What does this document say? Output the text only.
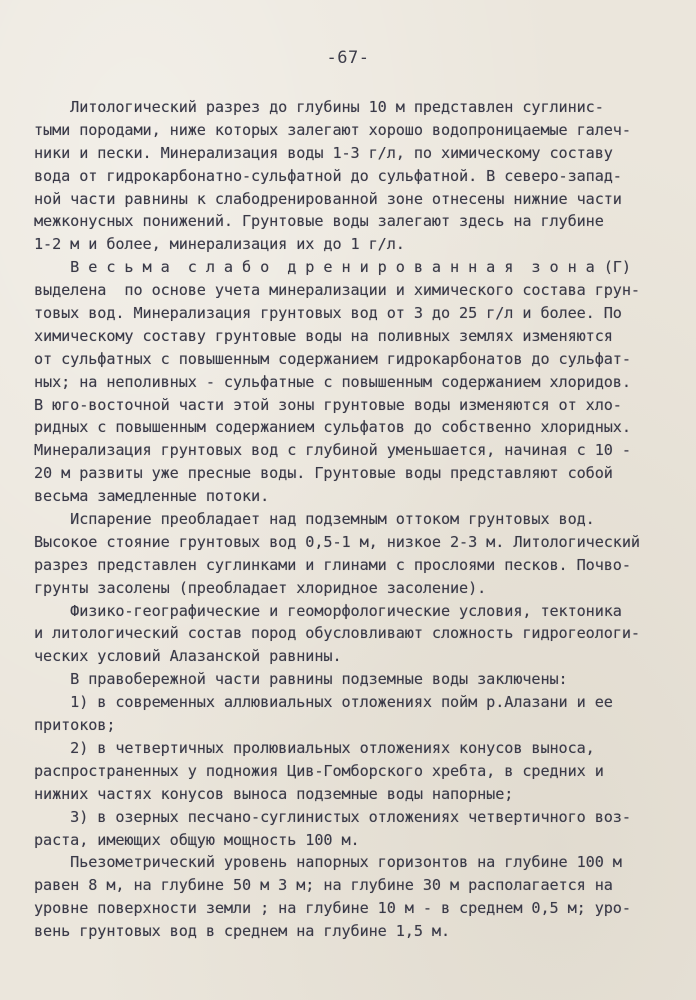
-67-
Литологический разрез до глубины 10 м представлен суглинис-
тыми породами, ниже которых залегают хорошо водопроницаемые галеч-
ники и пески. Минерализация воды 1-3 г/л, по химическому составу
вода от гидрокарбонатно-сульфатной до сульфатной. В северо-запад-
ной части равнины к слабодренированной зоне отнесены нижние части
межконусных понижений. Грунтовые воды залегают здесь на глубине
1-2 м и более, минерализация их до 1 г/л.
В е с ь м а  с л а б о  д р е н и р о в а н н а я  з о н а (Г)
выделена  по основе учета минерализации и химического состава грун-
товых вод. Минерализация грунтовых вод от 3 до 25 г/л и более. По
химическому составу грунтовые воды на поливных землях изменяются
от сульфатных с повышенным содержанием гидрокарбонатов до сульфат-
ных; на неполивных - сульфатные с повышенным содержанием хлоридов.
В юго-восточной части этой зоны грунтовые воды изменяются от хло-
ридных с повышенным содержанием сульфатов до собственно хлоридных.
Минерализация грунтовых вод с глубиной уменьшается, начиная с 10 -
20 м развиты уже пресные воды. Грунтовые воды представляют собой
весьма замедленные потоки.
Испарение преобладает над подземным оттоком грунтовых вод.
Высокое стояние грунтовых вод 0,5-1 м, низкое 2-3 м. Литологический
разрез представлен суглинками и глинами с прослоями песков. Почво-
грунты засолены (преобладает хлоридное засоление).
Физико-географические и геоморфологические условия, тектоника
и литологический состав пород обусловливают сложность гидрогеологи-
ческих условий Алазанской равнины.
В правобережной части равнины подземные воды заключены:
1) в современных аллювиальных отложениях пойм р.Алазани и ее
притоков;
2) в четвертичных пролювиальных отложениях конусов выноса,
распространенных у подножия Цив-Гомборского хребта, в средних и
нижних частях конусов выноса подземные воды напорные;
3) в озерных песчано-суглинистых отложениях четвертичного воз-
раста, имеющих общую мощность 100 м.
Пьезометрический уровень напорных горизонтов на глубине 100 м
равен 8 м, на глубине 50 м 3 м; на глубине 30 м располагается на
уровне поверхности земли ; на глубине 10 м - в среднем 0,5 м; уро-
вень грунтовых вод в среднем на глубине 1,5 м.
